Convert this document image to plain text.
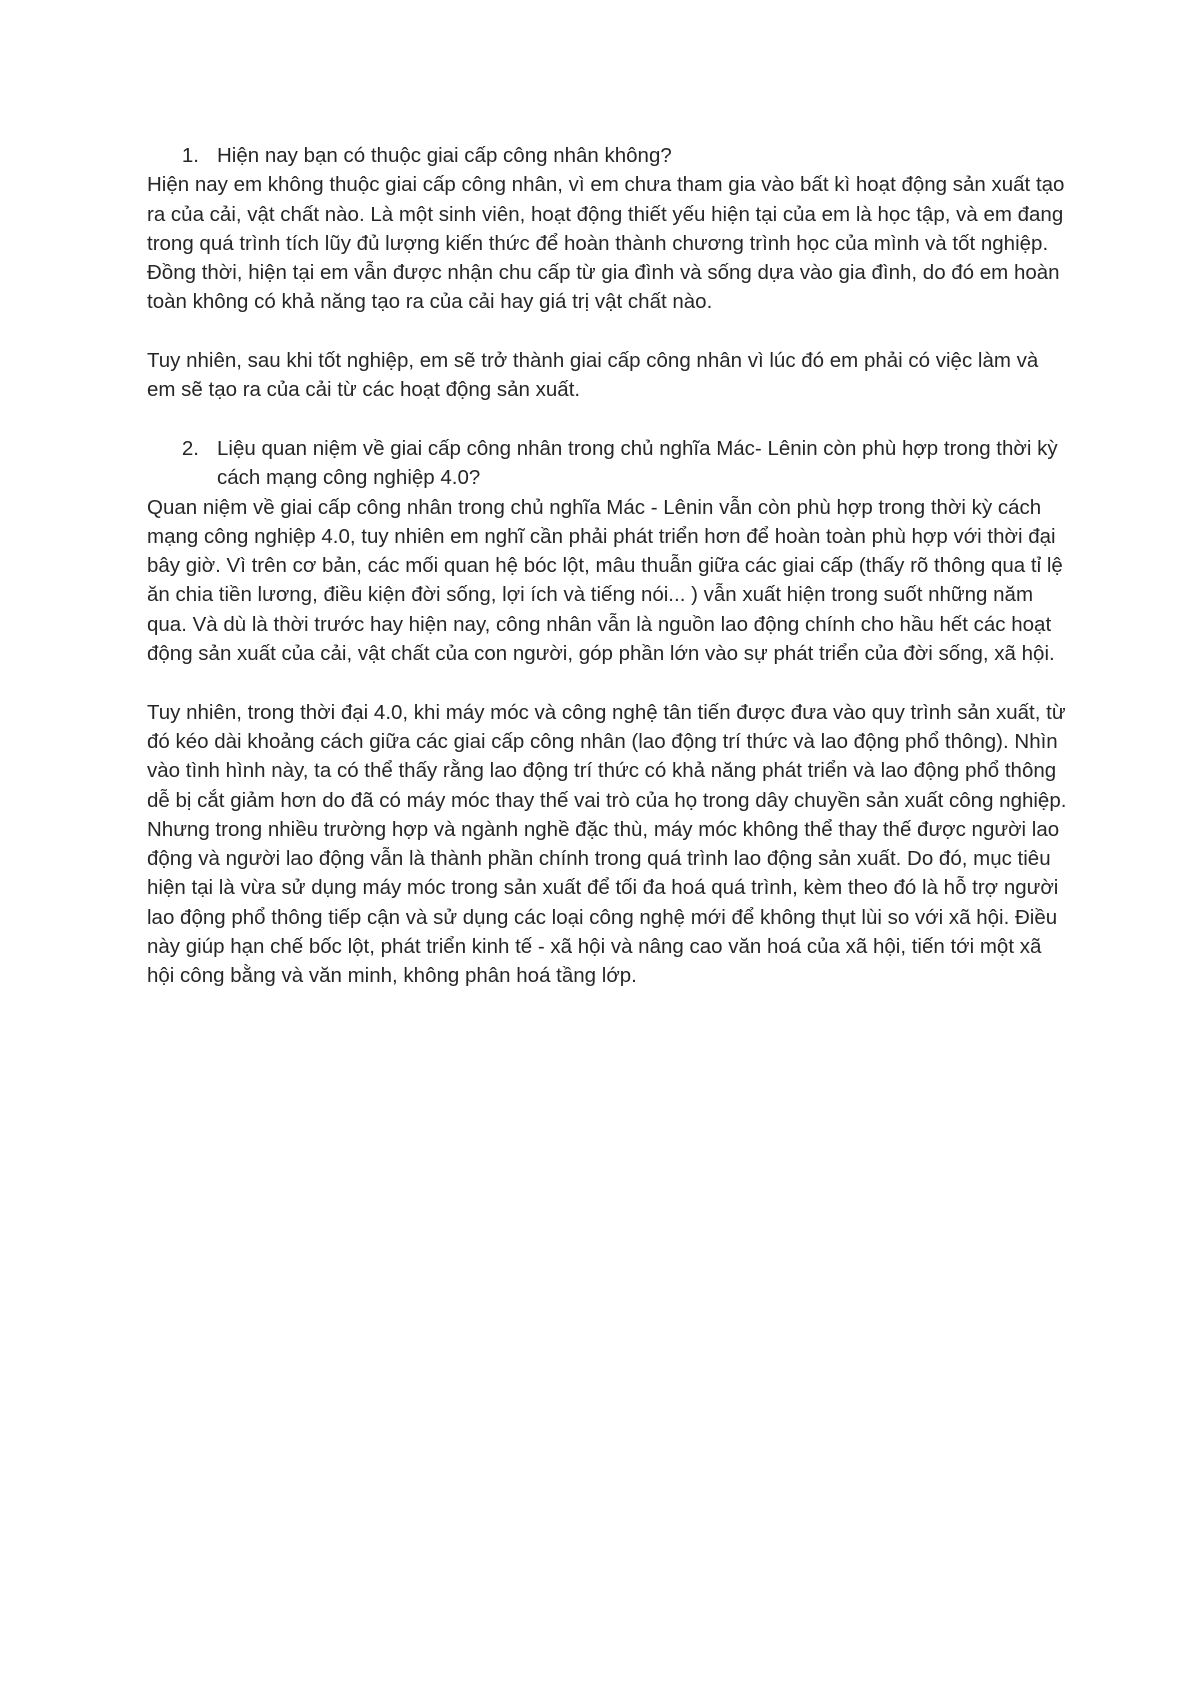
1. Hiện nay bạn có thuộc giai cấp công nhân không?

Hiện nay em không thuộc giai cấp công nhân, vì em chưa tham gia vào bất kì hoạt động sản xuất tạo ra của cải, vật chất nào. Là một sinh viên, hoạt động thiết yếu hiện tại của em là học tập, và em đang trong quá trình tích lũy đủ lượng kiến thức để hoàn thành chương trình học của mình và tốt nghiệp. Đồng thời, hiện tại em vẫn được nhận chu cấp từ gia đình và sống dựa vào gia đình, do đó em hoàn toàn không có khả năng tạo ra của cải hay giá trị vật chất nào.

Tuy nhiên, sau khi tốt nghiệp, em sẽ trở thành giai cấp công nhân vì lúc đó em phải có việc làm và em sẽ tạo ra của cải từ các hoạt động sản xuất.

2. Liệu quan niệm về giai cấp công nhân trong chủ nghĩa Mác- Lênin còn phù hợp trong thời kỳ cách mạng công nghiệp 4.0?

Quan niệm về giai cấp công nhân trong chủ nghĩa Mác - Lênin vẫn còn phù hợp trong thời kỳ cách mạng công nghiệp 4.0, tuy nhiên em nghĩ cần phải phát triển hơn để hoàn toàn phù hợp với thời đại bây giờ. Vì trên cơ bản, các mối quan hệ bóc lột, mâu thuẫn giữa các giai cấp (thấy rõ thông qua tỉ lệ ăn chia tiền lương, điều kiện đời sống, lợi ích và tiếng nói... ) vẫn xuất hiện trong suốt những năm qua. Và dù là thời trước hay hiện nay, công nhân vẫn là nguồn lao động chính cho hầu hết các hoạt động sản xuất của cải, vật chất của con người, góp phần lớn vào sự phát triển của đời sống, xã hội.

Tuy nhiên, trong thời đại 4.0, khi máy móc và công nghệ tân tiến được đưa vào quy trình sản xuất, từ đó kéo dài khoảng cách giữa các giai cấp công nhân (lao động trí thức và lao động phổ thông). Nhìn vào tình hình này, ta có thể thấy rằng lao động trí thức có khả năng phát triển và lao động phổ thông dễ bị cắt giảm hơn do đã có máy móc thay thế vai trò của họ trong dây chuyền sản xuất công nghiệp. Nhưng trong nhiều trường hợp và ngành nghề đặc thù, máy móc không thể thay thế được người lao động và người lao động vẫn là thành phần chính trong quá trình lao động sản xuất. Do đó, mục tiêu hiện tại là vừa sử dụng máy móc trong sản xuất để tối đa hoá quá trình, kèm theo đó là hỗ trợ người lao động phổ thông tiếp cận và sử dụng các loại công nghệ mới để không thụt lùi so với xã hội. Điều này giúp hạn chế bốc lột, phát triển kinh tế - xã hội và nâng cao văn hoá của xã hội, tiến tới một xã hội công bằng và văn minh, không phân hoá tầng lớp.
